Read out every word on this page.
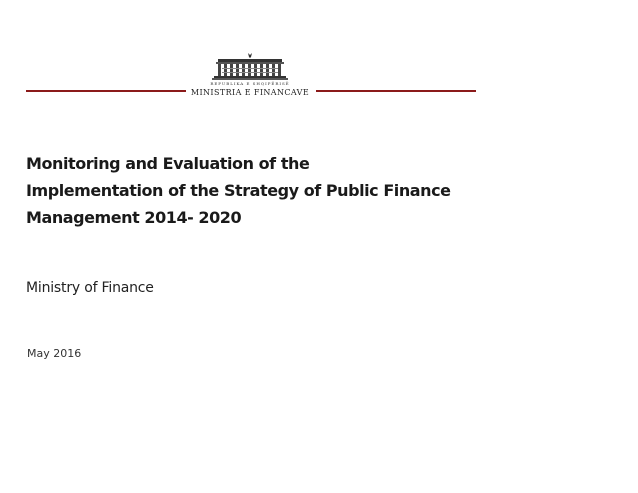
REPUBLIKA E SHQIPËRISË
MINISTRIA E FINANCAVE
Monitoring and Evaluation of the
Implementation of the Strategy of Public Finance
Management 2014- 2020
Ministry of Finance
May 2016
